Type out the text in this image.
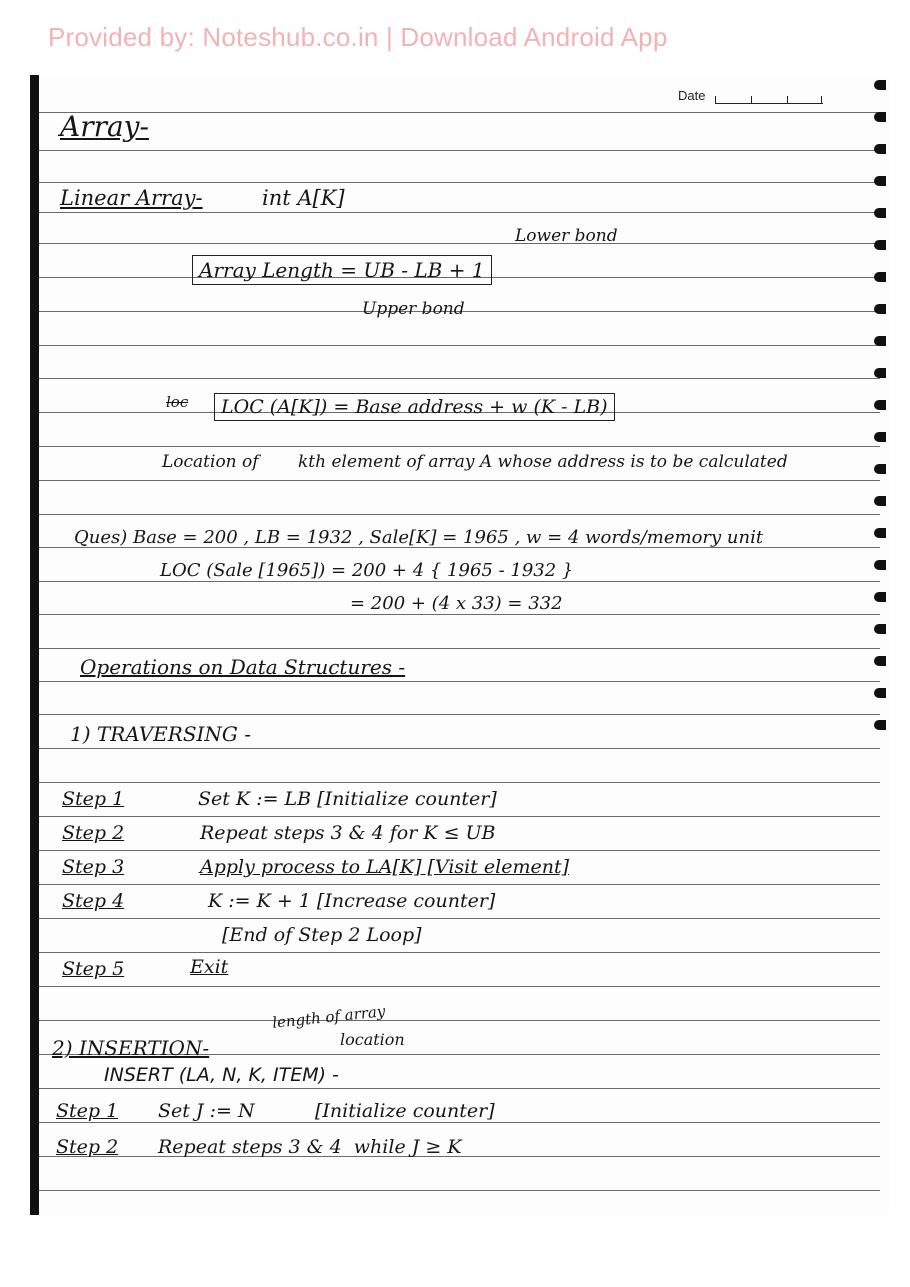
Provided by: Noteshub.co.in | Download Android App
Date
Array-
Linear Array-	int A[K]
Lower bond
Array Length = UB - LB + 1
Upper bond
loc	LOC (A[K]) = Base address + w (K - LB)
Location of kth element of array A whose address is to be calculated
Ques) Base = 200 , LB = 1932 , Sale[K] = 1965 , w = 4 words/memory unit
LOC (Sale [1965]) = 200 + 4 { 1965 - 1932 }
= 200 + (4 x 33) = 332
Operations on Data Structures -
1) TRAVERSING -
Step 1	Set K := LB [Initialize counter]
Step 2	Repeat steps 3 & 4 for K ≤ UB
Step 3	Apply process to LA[K] [Visit element]
Step 4	K := K + 1 [Increase counter]
[End of Step 2 Loop]
Step 5	Exit
length of array
location
2) INSERTION-
INSERT (LA, N, K, ITEM) -
Step 1 Set J := N          [Initialize counter]
Step 2 Repeat steps 3 & 4  while J ≥ K
